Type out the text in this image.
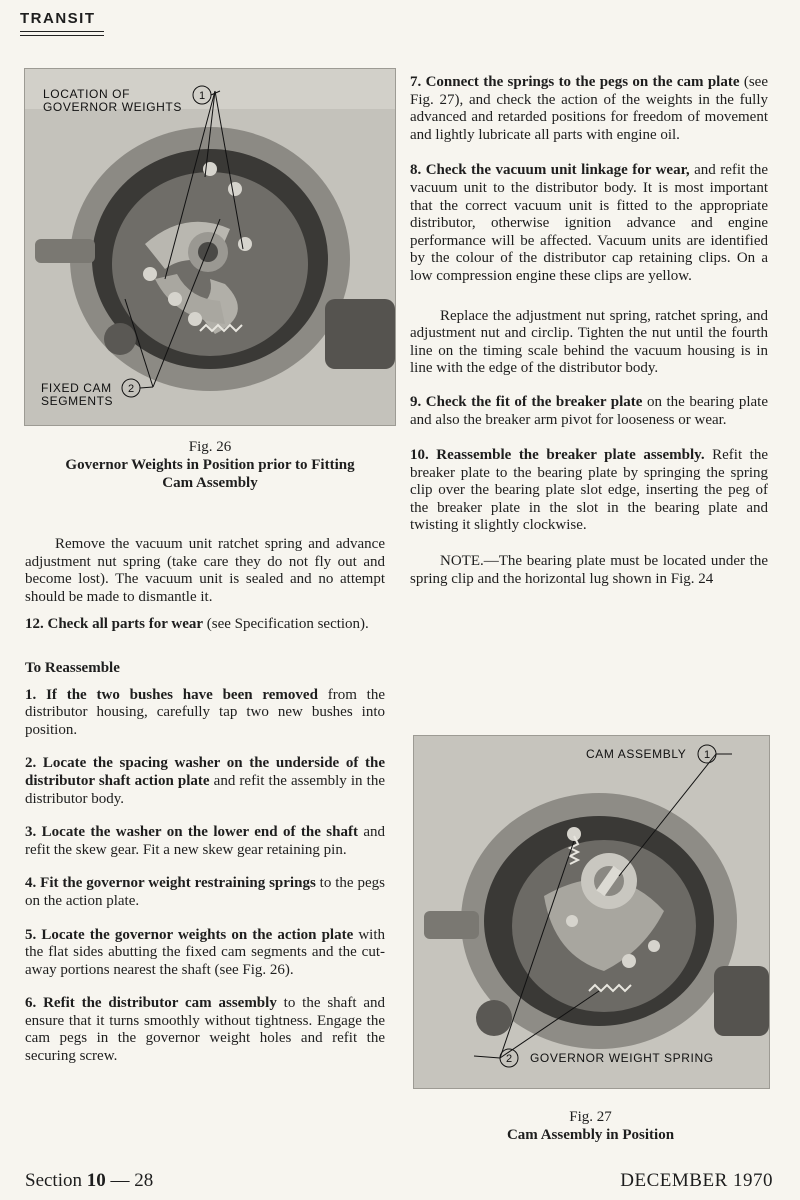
TRANSIT
LOCATION OF
GOVERNOR WEIGHTS
1
FIXED CAM
SEGMENTS
2
Fig. 26
Governor Weights in Position prior to Fitting
Cam Assembly

Remove the vacuum unit ratchet spring and advance adjustment nut spring (take care they do not fly out and become lost). The vacuum unit is sealed and no attempt should be made to dismantle it.

12. Check all parts for wear (see Specification section).

To Reassemble

1. If the two bushes have been removed from the distributor housing, carefully tap two new bushes into position.

2. Locate the spacing washer on the underside of the distributor shaft action plate and refit the assembly in the distributor body.

3. Locate the washer on the lower end of the shaft and refit the skew gear. Fit a new skew gear retaining pin.

4. Fit the governor weight restraining springs to the pegs on the action plate.

5. Locate the governor weights on the action plate with the flat sides abutting the fixed cam segments and the cut-away portions nearest the shaft (see Fig. 26).

6. Refit the distributor cam assembly to the shaft and ensure that it turns smoothly without tightness. Engage the cam pegs in the governor weight holes and refit the securing screw.

7. Connect the springs to the pegs on the cam plate (see Fig. 27), and check the action of the weights in the fully advanced and retarded positions for freedom of movement and lightly lubricate all parts with engine oil.

8. Check the vacuum unit linkage for wear, and refit the vacuum unit to the distributor body. It is most important that the correct vacuum unit is fitted to the appropriate distributor, otherwise ignition advance and engine performance will be affected. Vacuum units are identified by the colour of the distributor cap retaining clips. On a low compression engine these clips are yellow.

Replace the adjustment nut spring, ratchet spring, and adjustment nut and circlip. Tighten the nut until the fourth line on the timing scale behind the vacuum housing is in line with the edge of the distributor body.

9. Check the fit of the breaker plate on the bearing plate and also the breaker arm pivot for looseness or wear.

10. Reassemble the breaker plate assembly. Refit the breaker plate to the bearing plate by springing the spring clip over the bearing plate slot edge, inserting the peg of the breaker plate in the slot in the bearing plate and twisting it slightly clockwise.

NOTE.—The bearing plate must be located under the spring clip and the horizontal lug shown in Fig. 24

CAM ASSEMBLY 1
GOVERNOR WEIGHT SPRING
2
Fig. 27
Cam Assembly in Position
Section 10 — 28	DECEMBER 1970
